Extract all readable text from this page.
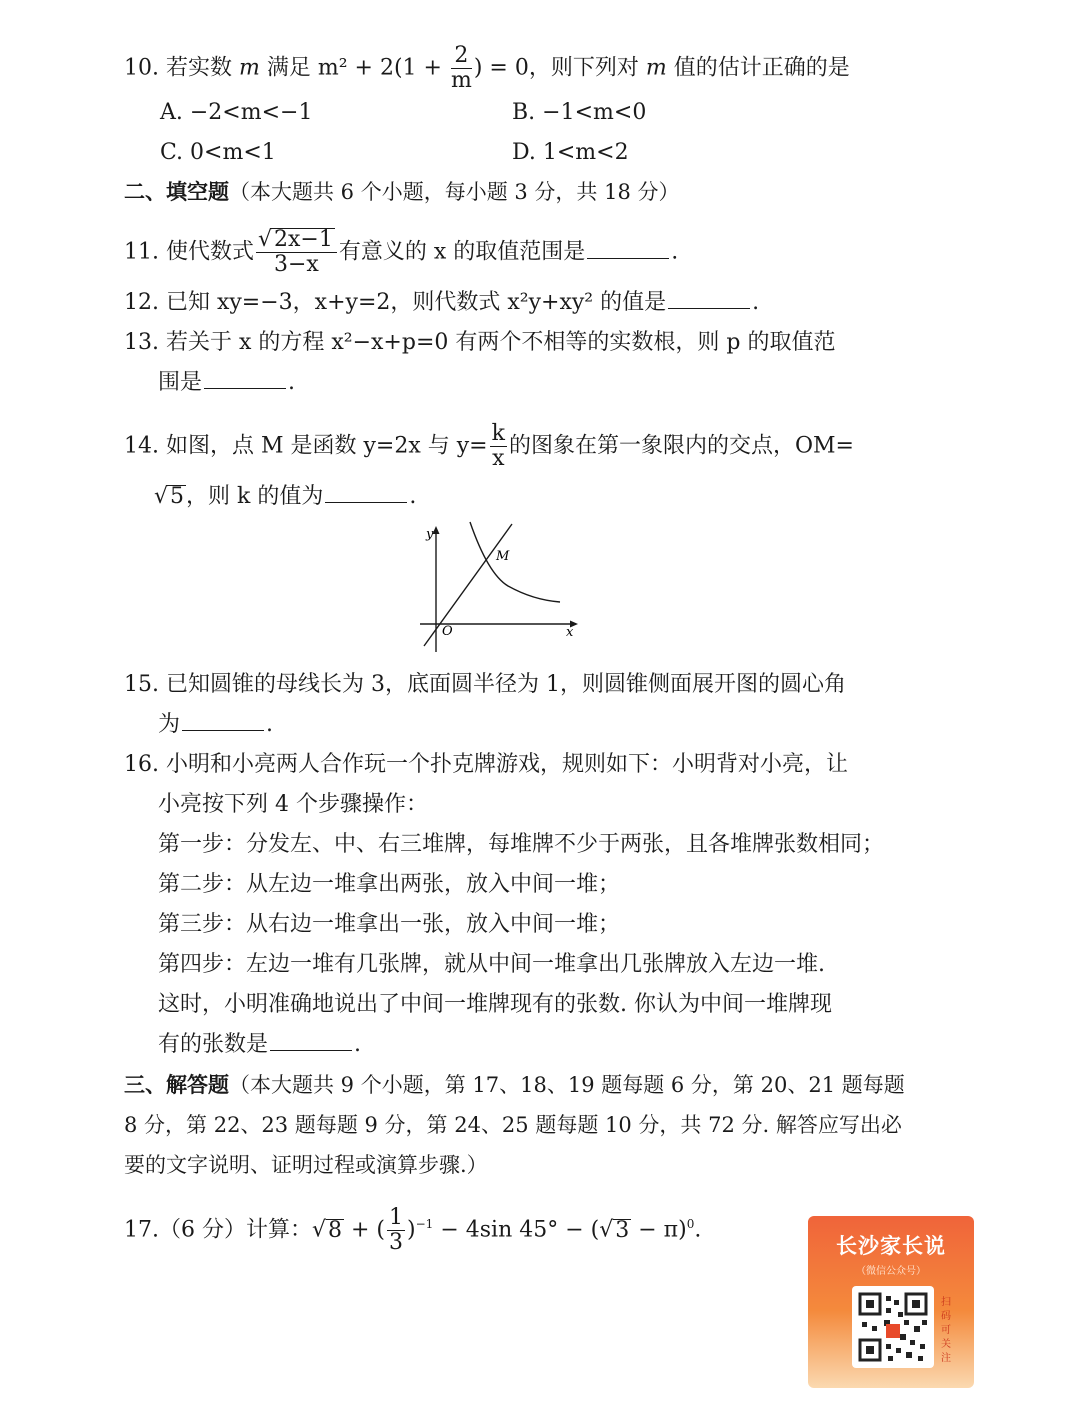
10. 若实数 m 满足 $m^2 + 2(1 + \frac{2}{m}$ ) = 0，则下列对 m 值的估计正确的是
A. −2<m<−1	B. −1<m<0
C. 0<m<1	D. 1<m<2
二、填空题（本大题共 6 个小题，每小题 3 分，共 18 分）
11. 使代数式 $\frac{√2x-1}{3-x}$ 有意义的 x 的取值范围是	.
12. 已知 xy=−3，x+y=2，则代数式 x²y+xy² 的值是	.
13. 若关于 x 的方程 x²−x+p=0 有两个不相等的实数根，则 p 的取值范
围是	.
14. 如图，点 M 是函数 y=2x 与 $y= \frac{k}{x}$ 的图象在第一象限内的交点，OM=
√5，则 k 的值为	.
y
x
O
M
15. 已知圆锥的母线长为 3，底面圆半径为 1，则圆锥侧面展开图的圆心角
为	.
16. 小明和小亮两人合作玩一个扑克牌游戏，规则如下：小明背对小亮，让
小亮按下列 4 个步骤操作：
第一步：分发左、中、右三堆牌，每堆牌不少于两张，且各堆牌张数相同；
第二步：从左边一堆拿出两张，放入中间一堆；
第三步：从右边一堆拿出一张，放入中间一堆；
第四步：左边一堆有几张牌，就从中间一堆拿出几张牌放入左边一堆.
这时，小明准确地说出了中间一堆牌现有的张数. 你认为中间一堆牌现
有的张数是	.
三、解答题（本大题共 9 个小题，第 17、18、19 题每题 6 分，第 20、21 题每题
8 分，第 22、23 题每题 9 分，第 24、25 题每题 10 分，共 72 分. 解答应写出必
要的文字说明、证明过程或演算步骤.）
17.（6 分）计算：√8 + ( $\frac{1}{3} )^{-1} - 4\sin$ $45^\circ - (√3 - \pi)^0$.
长沙家长说
（微信公众号）
扫码可关注
